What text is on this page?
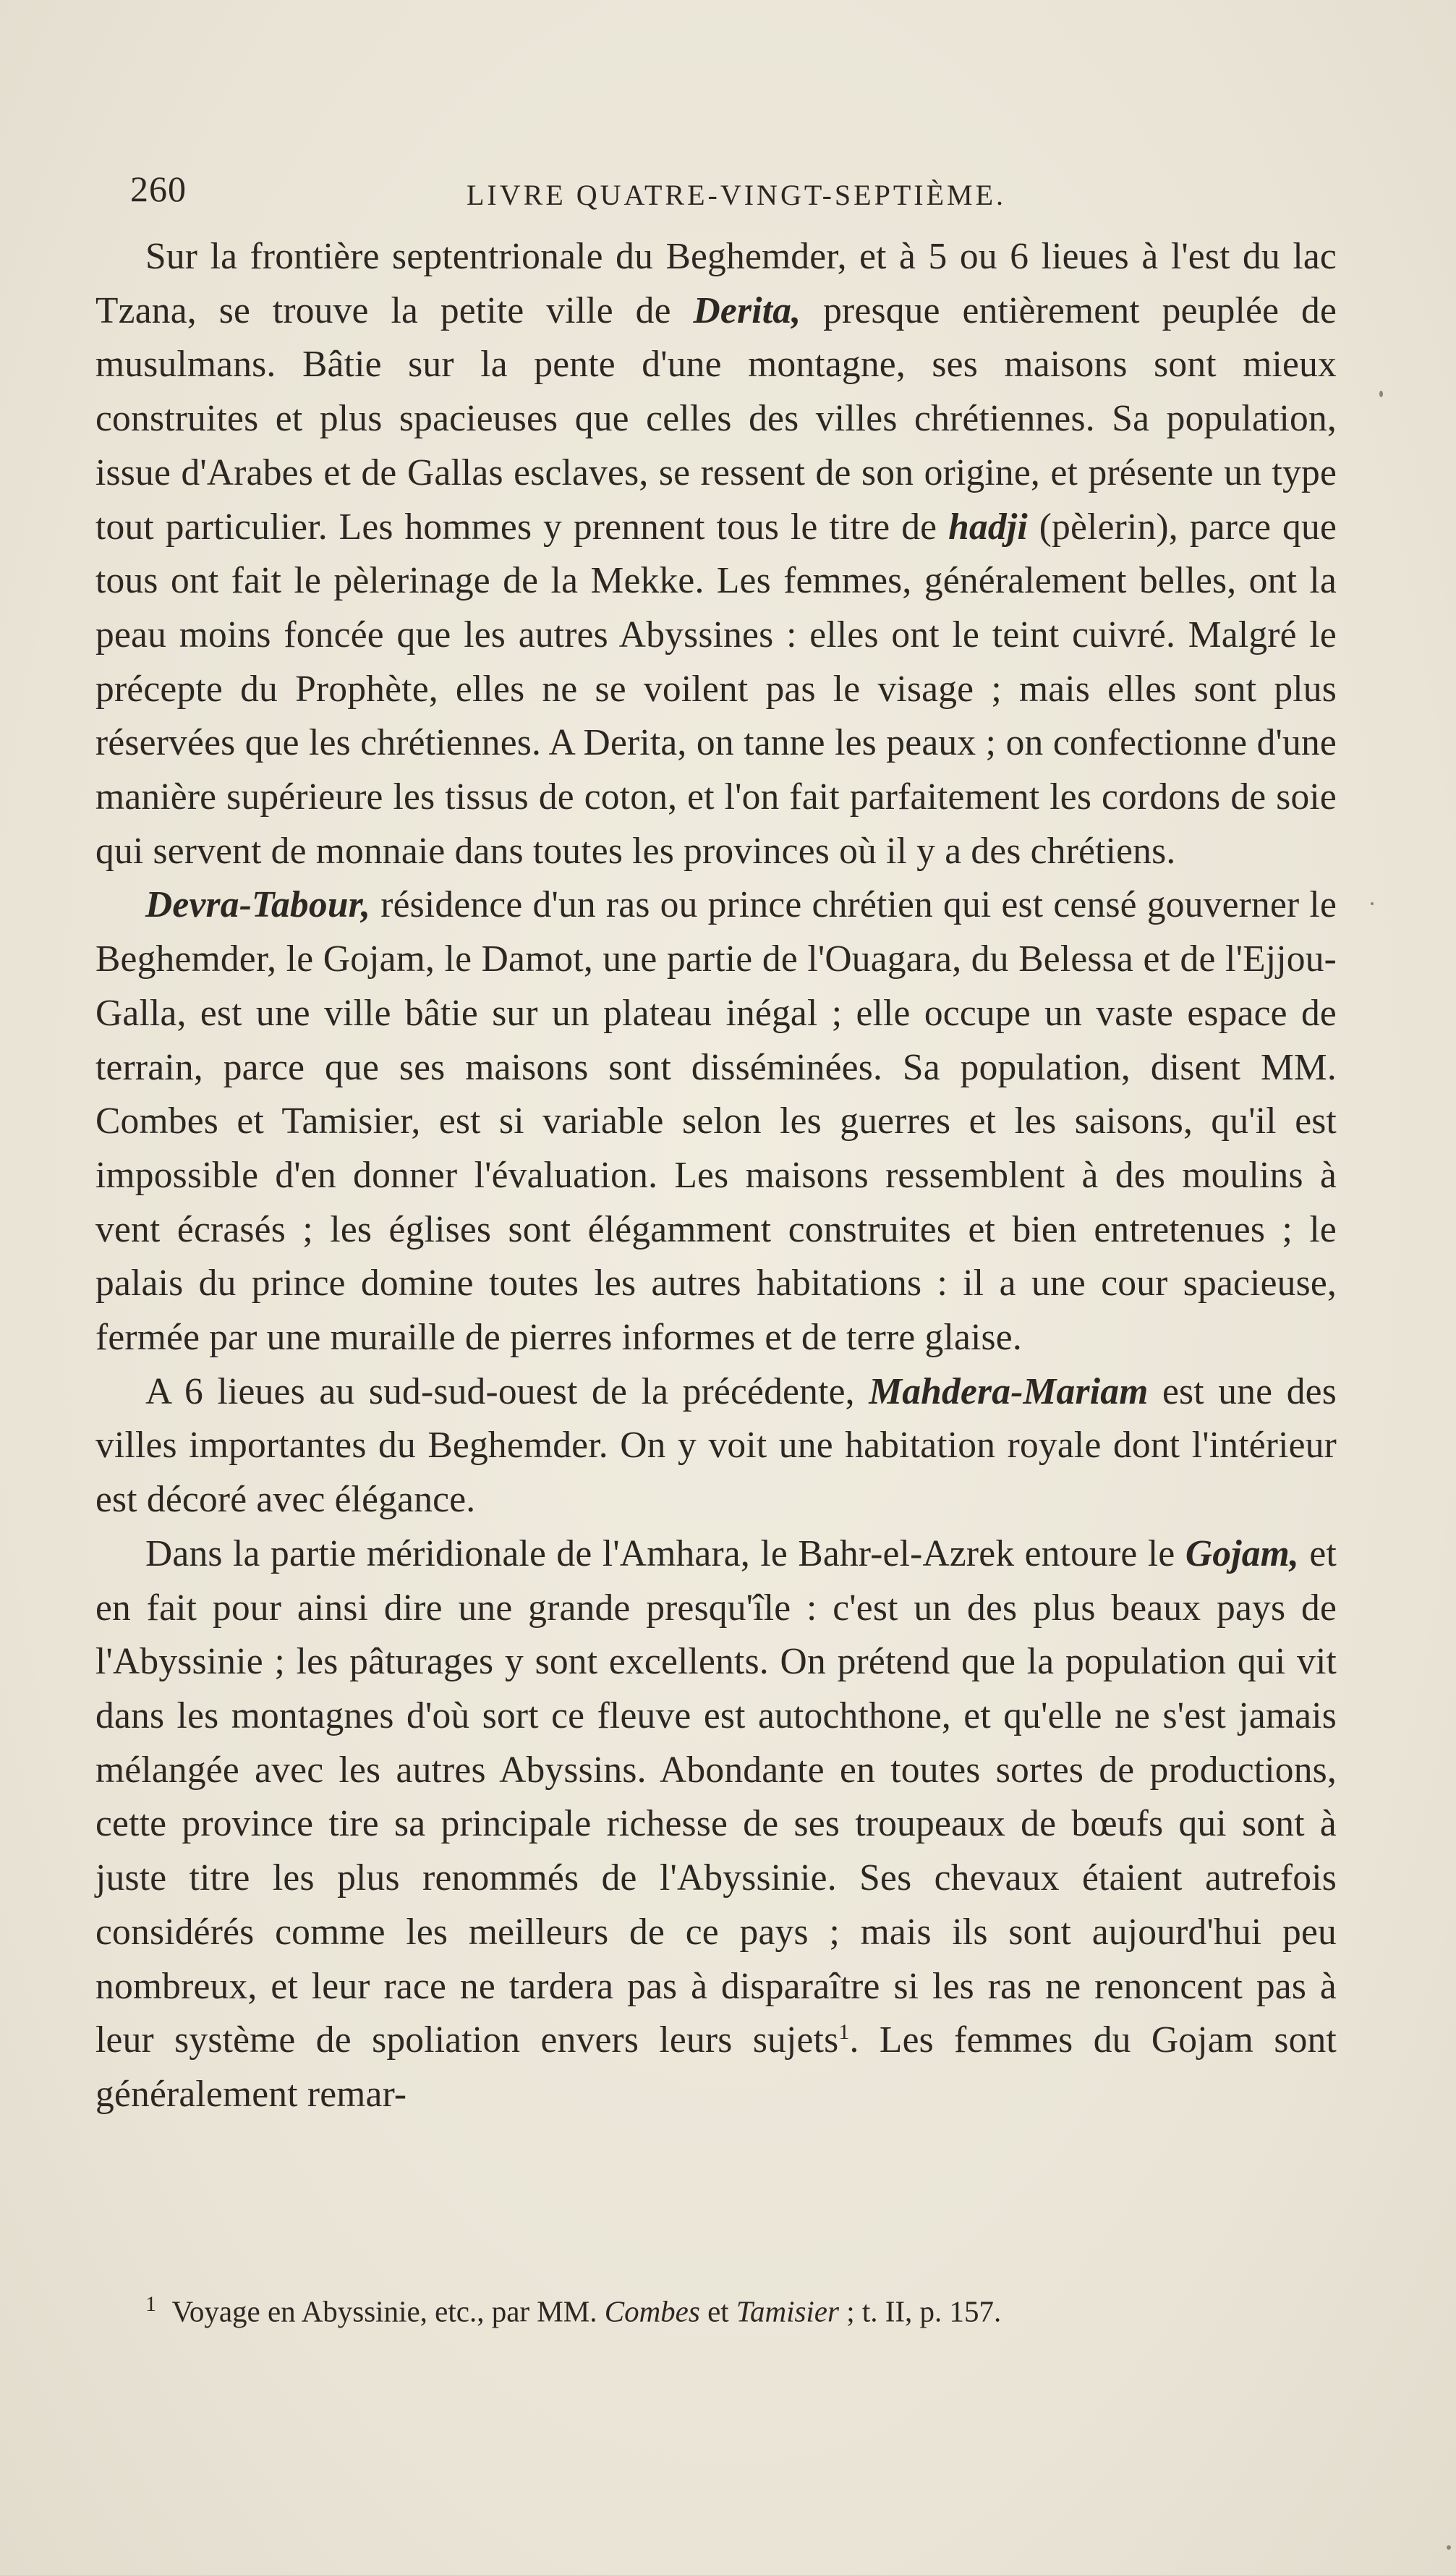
260	LIVRE QUATRE-VINGT-SEPTIÈME.

Sur la frontière septentrionale du Beghemder, et à 5 ou 6 lieues à l'est du lac Tzana, se trouve la petite ville de Derita, presque entièrement peuplée de musulmans. Bâtie sur la pente d'une montagne, ses maisons sont mieux construites et plus spacieuses que celles des villes chrétiennes. Sa population, issue d'Arabes et de Gallas esclaves, se ressent de son origine, et présente un type tout particulier. Les hommes y prennent tous le titre de hadji (pèlerin), parce que tous ont fait le pèlerinage de la Mekke. Les femmes, généralement belles, ont la peau moins foncée que les autres Abyssines : elles ont le teint cuivré. Malgré le précepte du Prophète, elles ne se voilent pas le visage ; mais elles sont plus réservées que les chrétiennes. A Derita, on tanne les peaux ; on confectionne d'une manière supérieure les tissus de coton, et l'on fait parfaitement les cordons de soie qui servent de monnaie dans toutes les provinces où il y a des chrétiens.

Devra-Tabour, résidence d'un ras ou prince chrétien qui est censé gouverner le Beghemder, le Gojam, le Damot, une partie de l'Ouagara, du Belessa et de l'Ejjou-Galla, est une ville bâtie sur un plateau inégal ; elle occupe un vaste espace de terrain, parce que ses maisons sont disséminées. Sa population, disent MM. Combes et Tamisier, est si variable selon les guerres et les saisons, qu'il est impossible d'en donner l'évaluation. Les maisons ressemblent à des moulins à vent écrasés ; les églises sont élégamment construites et bien entretenues ; le palais du prince domine toutes les autres habitations : il a une cour spacieuse, fermée par une muraille de pierres informes et de terre glaise.

A 6 lieues au sud-sud-ouest de la précédente, Mahdera-Mariam est une des villes importantes du Beghemder. On y voit une habitation royale dont l'intérieur est décoré avec élégance.

Dans la partie méridionale de l'Amhara, le Bahr-el-Azrek entoure le Gojam, et en fait pour ainsi dire une grande presqu'île : c'est un des plus beaux pays de l'Abyssinie ; les pâturages y sont excellents. On prétend que la population qui vit dans les montagnes d'où sort ce fleuve est autochthone, et qu'elle ne s'est jamais mélangée avec les autres Abyssins. Abondante en toutes sortes de productions, cette province tire sa principale richesse de ses troupeaux de bœufs qui sont à juste titre les plus renommés de l'Abyssinie. Ses chevaux étaient autrefois considérés comme les meilleurs de ce pays ; mais ils sont aujourd'hui peu nombreux, et leur race ne tardera pas à disparaître si les ras ne renoncent pas à leur système de spoliation envers leurs sujets$^1$. Les femmes du Gojam sont généralement remar-

$^1$ Voyage en Abyssinie, etc., par MM. Combes et Tamisier ; t. II, p. 157.
